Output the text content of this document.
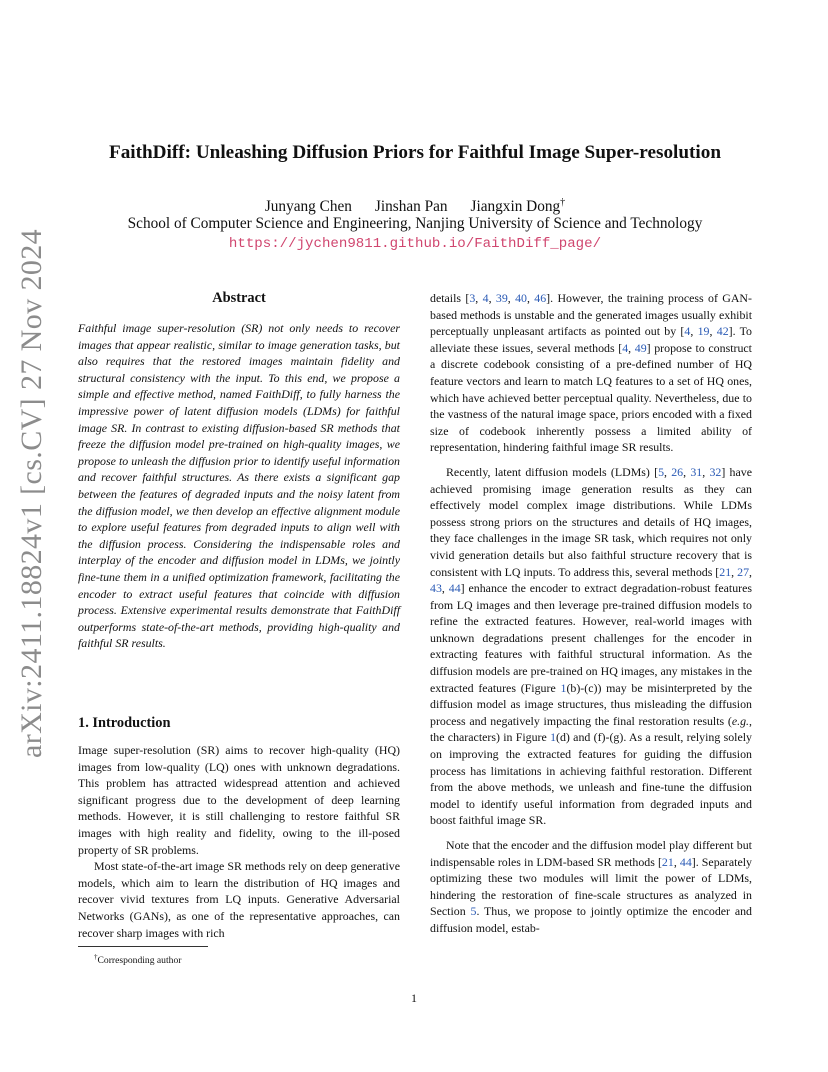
arXiv:2411.18824v1 [cs.CV] 27 Nov 2024
FaithDiff: Unleashing Diffusion Priors for Faithful Image Super-resolution
Junyang Chen Jinshan Pan Jiangxin Dong†
School of Computer Science and Engineering, Nanjing University of Science and Technology
https://jychen9811.github.io/FaithDiff_page/
Abstract

Faithful image super-resolution (SR) not only needs to recover images that appear realistic, similar to image generation tasks, but also requires that the restored images maintain fidelity and structural consistency with the input. To this end, we propose a simple and effective method, named FaithDiff, to fully harness the impressive power of latent diffusion models (LDMs) for faithful image SR. In contrast to existing diffusion-based SR methods that freeze the diffusion model pre-trained on high-quality images, we propose to unleash the diffusion prior to identify useful information and recover faithful structures. As there exists a significant gap between the features of degraded inputs and the noisy latent from the diffusion model, we then develop an effective alignment module to explore useful features from degraded inputs to align well with the diffusion process. Considering the indispensable roles and interplay of the encoder and diffusion model in LDMs, we jointly fine-tune them in a unified optimization framework, facilitating the encoder to extract useful features that coincide with diffusion process. Extensive experimental results demonstrate that FaithDiff outperforms state-of-the-art methods, providing high-quality and faithful SR results.

1. Introduction

Image super-resolution (SR) aims to recover high-quality (HQ) images from low-quality (LQ) ones with unknown degradations. This problem has attracted widespread attention and achieved significant progress due to the development of deep learning methods. However, it is still challenging to restore faithful SR images with high reality and fidelity, owing to the ill-posed property of SR problems.

Most state-of-the-art image SR methods rely on deep generative models, which aim to learn the distribution of HQ images and recover vivid textures from LQ inputs. Generative Adversarial Networks (GANs), as one of the representative approaches, can recover sharp images with rich

details [3, 4, 39, 40, 46]. However, the training process of GAN-based methods is unstable and the generated images usually exhibit perceptually unpleasant artifacts as pointed out by [4, 19, 42]. To alleviate these issues, several methods [4, 49] propose to construct a discrete codebook consisting of a pre-defined number of HQ feature vectors and learn to match LQ features to a set of HQ ones, which have achieved better perceptual quality. Nevertheless, due to the vastness of the natural image space, priors encoded with a fixed size of codebook inherently possess a limited ability of representation, hindering faithful image SR results.

Recently, latent diffusion models (LDMs) [5, 26, 31, 32] have achieved promising image generation results as they can effectively model complex image distributions. While LDMs possess strong priors on the structures and details of HQ images, they face challenges in the image SR task, which requires not only vivid generation details but also faithful structure recovery that is consistent with LQ inputs. To address this, several methods [21, 27, 43, 44] enhance the encoder to extract degradation-robust features from LQ images and then leverage pre-trained diffusion models to refine the extracted features. However, real-world images with unknown degradations present challenges for the encoder in extracting features with faithful structural information. As the diffusion models are pre-trained on HQ images, any mistakes in the extracted features (Figure 1(b)-(c)) may be misinterpreted by the diffusion model as image structures, thus misleading the diffusion process and negatively impacting the final restoration results (e.g., the characters) in Figure 1(d) and (f)-(g). As a result, relying solely on improving the extracted features for guiding the diffusion process has limitations in achieving faithful restoration. Different from the above methods, we unleash and fine-tune the diffusion model to identify useful information from degraded inputs and boost faithful image SR.

Note that the encoder and the diffusion model play different but indispensable roles in LDM-based SR methods [21, 44]. Separately optimizing these two modules will limit the power of LDMs, hindering the restoration of fine-scale structures as analyzed in Section 5. Thus, we propose to jointly optimize the encoder and diffusion model, estab-

†Corresponding author
1
